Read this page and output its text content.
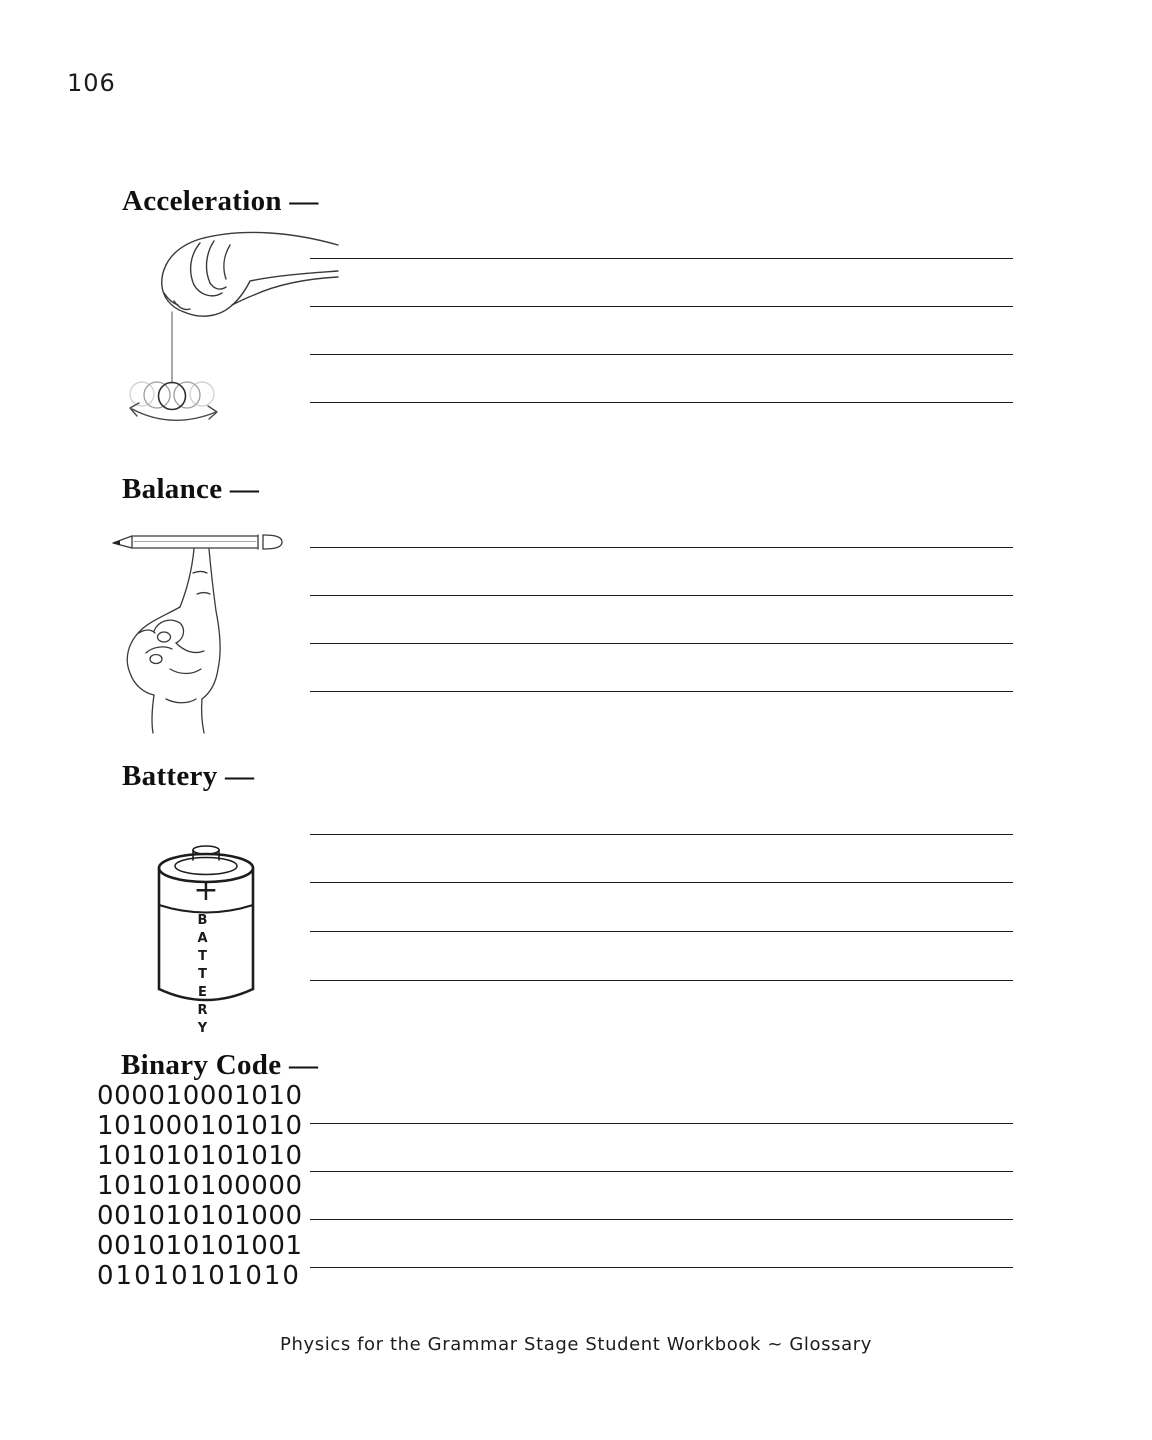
106
Acceleration —
Balance —
Battery —
+
BATTERY
Binary Code —
000010001010
101000101010
101010101010
101010100000
001010101000
001010101001
01010101010
Physics for the Grammar Stage Student Workbook ~ Glossary
